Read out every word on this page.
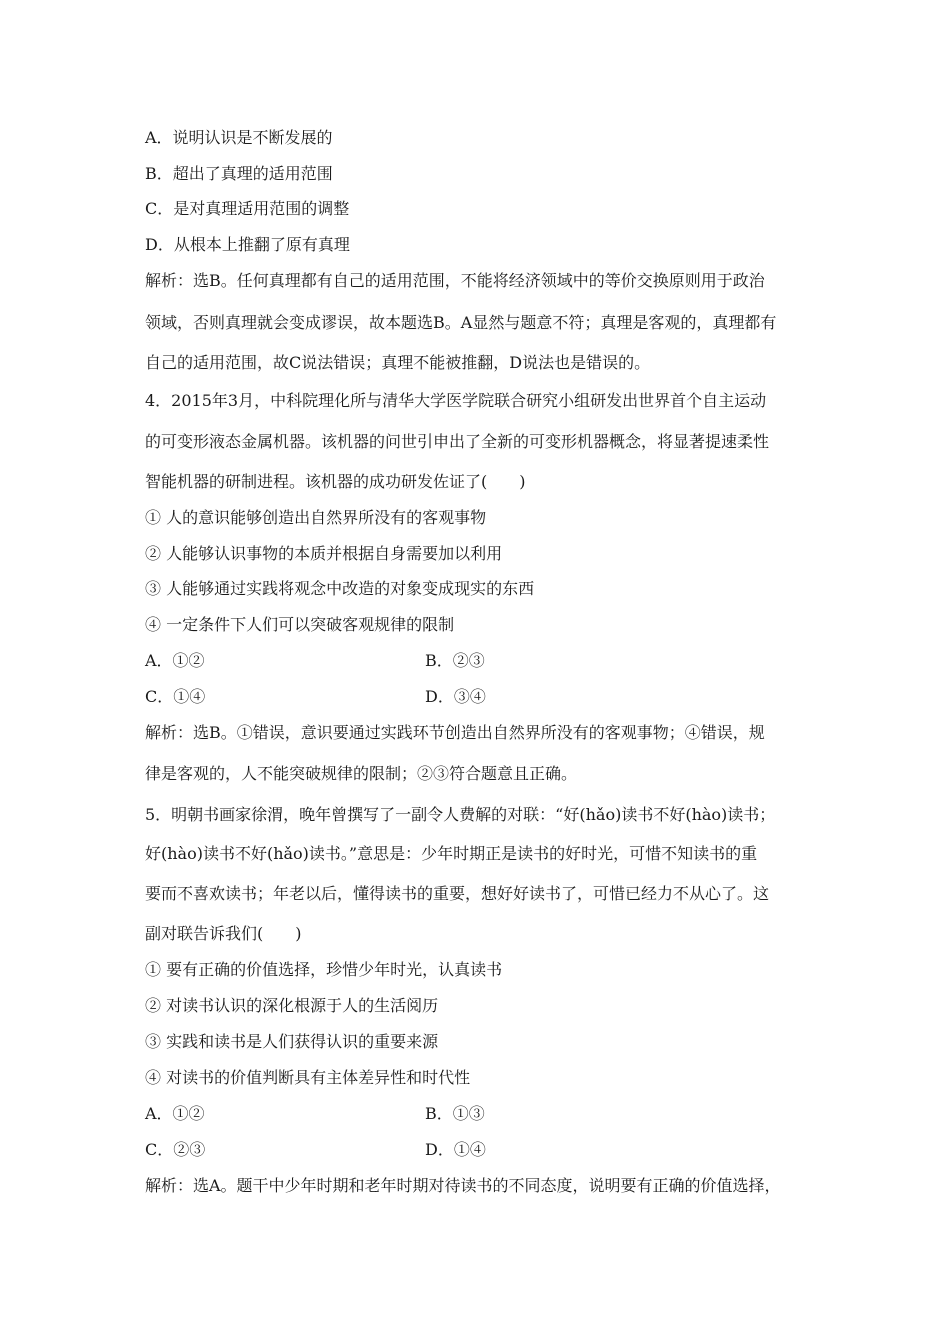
A．说明认识是不断发展的
B．超出了真理的适用范围
C．是对真理适用范围的调整
D．从根本上推翻了原有真理
解析：选B。任何真理都有自己的适用范围，不能将经济领域中的等价交换原则用于政治
领域，否则真理就会变成谬误，故本题选B。A显然与题意不符；真理是客观的，真理都有
自己的适用范围，故C说法错误；真理不能被推翻，D说法也是错误的。
4．2015年3月，中科院理化所与清华大学医学院联合研究小组研发出世界首个自主运动
的可变形液态金属机器。该机器的问世引申出了全新的可变形机器概念，将显著提速柔性
智能机器的研制进程。该机器的成功研发佐证了(　　)
① 人的意识能够创造出自然界所没有的客观事物
② 人能够认识事物的本质并根据自身需要加以利用
③ 人能够通过实践将观念中改造的对象变成现实的东西
④ 一定条件下人们可以突破客观规律的限制
A．①②	B．②③
C．①④	D．③④
解析：选B。①错误，意识要通过实践环节创造出自然界所没有的客观事物；④错误，规
律是客观的，人不能突破规律的限制；②③符合题意且正确。
5．明朝书画家徐渭，晚年曾撰写了一副令人费解的对联：“好(hǎo)读书不好(hào)读书；
好(hào)读书不好(hǎo)读书。”意思是：少年时期正是读书的好时光，可惜不知读书的重
要而不喜欢读书；年老以后，懂得读书的重要，想好好读书了，可惜已经力不从心了。这
副对联告诉我们(　　)
① 要有正确的价值选择，珍惜少年时光，认真读书
② 对读书认识的深化根源于人的生活阅历
③ 实践和读书是人们获得认识的重要来源
④ 对读书的价值判断具有主体差异性和时代性
A．①②	B．①③
C．②③	D．①④
解析：选A。题干中少年时期和老年时期对待读书的不同态度，说明要有正确的价值选择，
